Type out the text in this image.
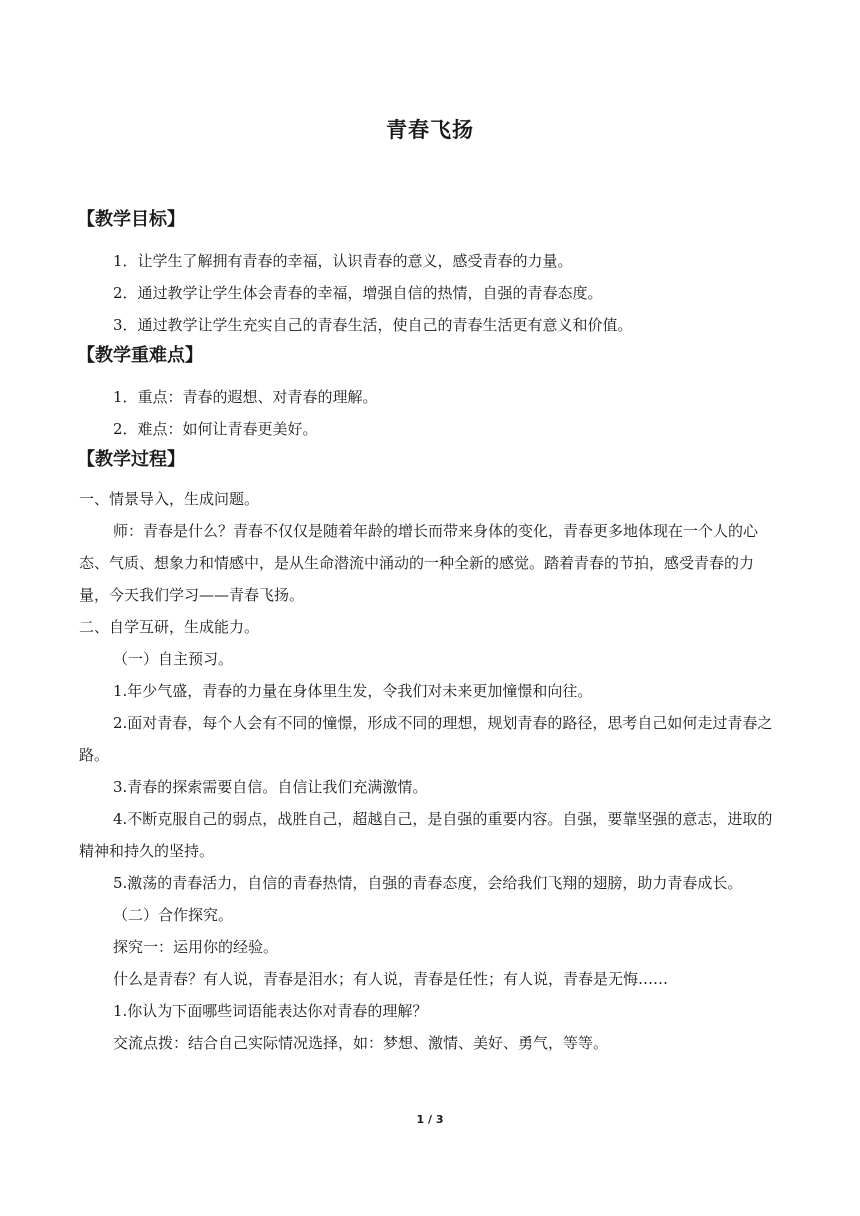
青春飞扬
【教学目标】

1．让学生了解拥有青春的幸福，认识青春的意义，感受青春的力量。

2．通过教学让学生体会青春的幸福，增强自信的热情，自强的青春态度。

3．通过教学让学生充实自己的青春生活，使自己的青春生活更有意义和价值。

【教学重难点】

1．重点：青春的遐想、对青春的理解。

2．难点：如何让青春更美好。

【教学过程】

一、情景导入，生成问题。

师：青春是什么？青春不仅仅是随着年龄的增长而带来身体的变化，青春更多地体现在一个人的心态、气质、想象力和情感中，是从生命潜流中涌动的一种全新的感觉。踏着青春的节拍，感受青春的力量，今天我们学习——青春飞扬。

二、自学互研，生成能力。

（一）自主预习。

1.年少气盛，青春的力量在身体里生发，令我们对未来更加憧憬和向往。

2.面对青春，每个人会有不同的憧憬，形成不同的理想，规划青春的路径，思考自己如何走过青春之路。

3.青春的探索需要自信。自信让我们充满激情。

4.不断克服自己的弱点，战胜自己，超越自己，是自强的重要内容。自强，要靠坚强的意志，进取的精神和持久的坚持。

5.激荡的青春活力，自信的青春热情，自强的青春态度，会给我们飞翔的翅膀，助力青春成长。

（二）合作探究。

探究一：运用你的经验。

什么是青春？有人说，青春是泪水；有人说，青春是任性；有人说，青春是无悔……

1.你认为下面哪些词语能表达你对青春的理解？

交流点拨：结合自己实际情况选择，如：梦想、激情、美好、勇气，等等。

1 / 3
